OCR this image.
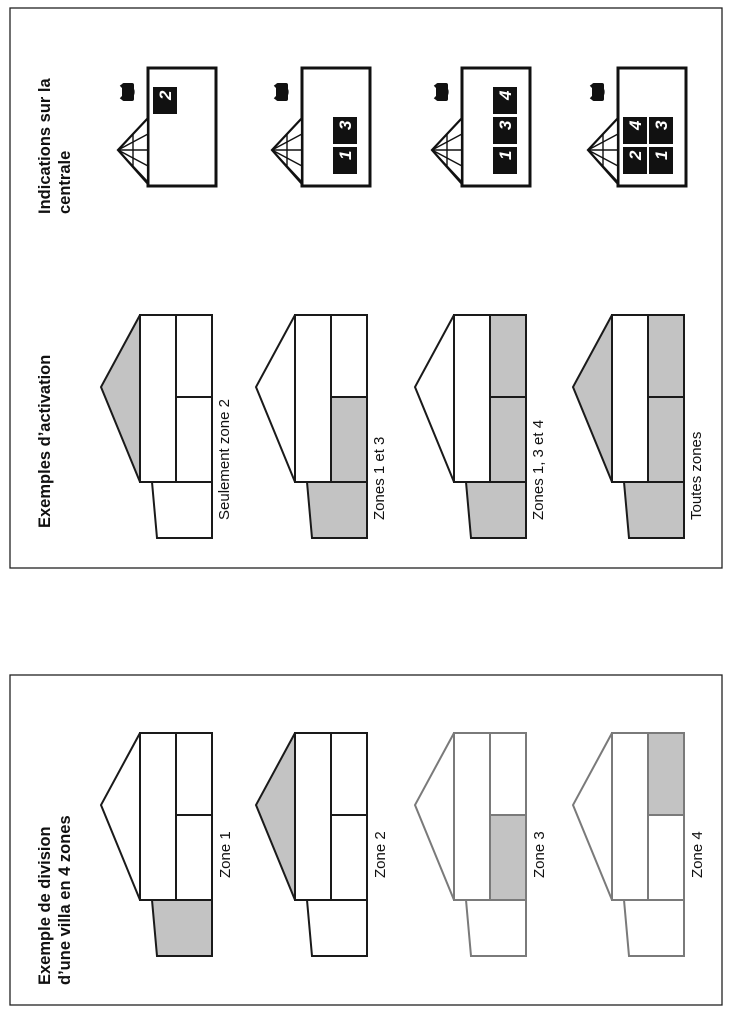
Exemple de division d’une villa en 4 zones	Zone 1	Zone 2	Zone 3	Zone 4
Exemples d’activation	Seulement zone 2	Zones 1 et 3	Zones 1, 3 et 4	Toutes zones
Indications sur la centrale
2
1
3
1
3
4
1
2
3
4
